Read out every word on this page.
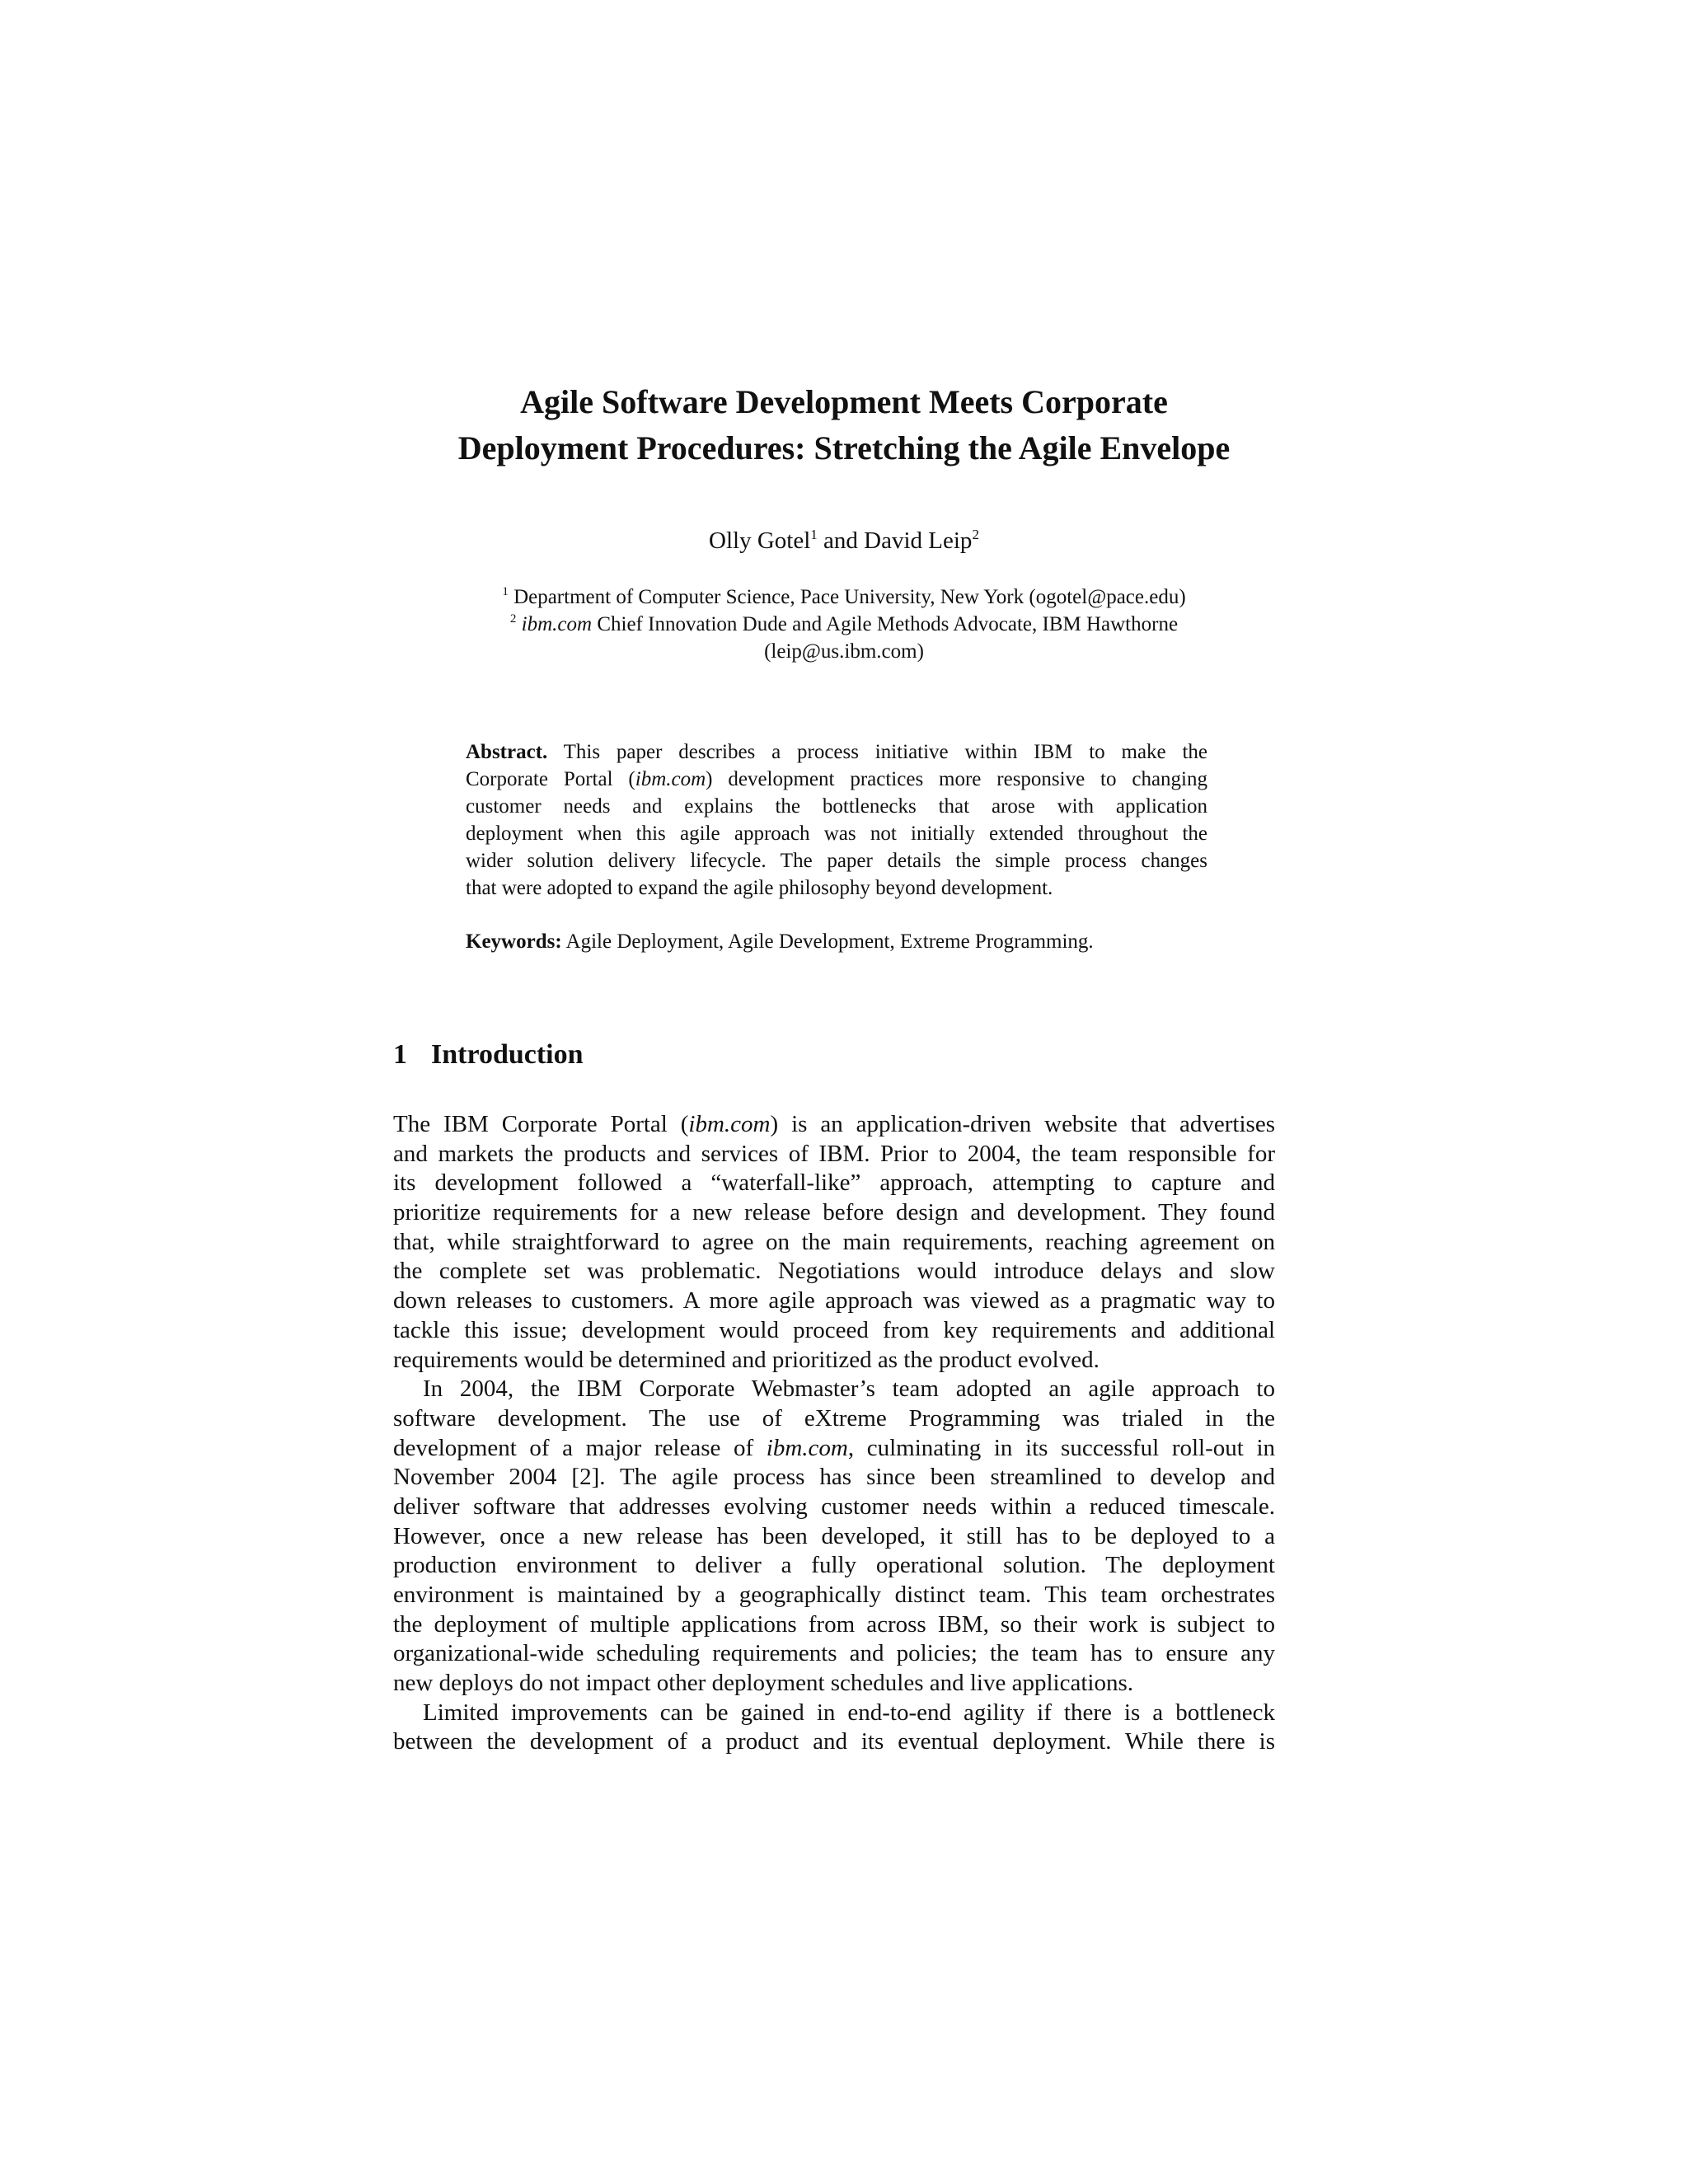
Agile Software Development Meets Corporate
Deployment Procedures: Stretching the Agile Envelope
Olly Gotel$^1$ and David Leip$^2$
$^1$ Department of Computer Science, Pace University, New York (ogotel@pace.edu)
$^2$ ibm.com Chief Innovation Dude and Agile Methods Advocate, IBM Hawthorne
(leip@us.ibm.com)
Abstract. This paper describes a process initiative within IBM to make the
Corporate Portal (ibm.com) development practices more responsive to changing
customer needs and explains the bottlenecks that arose with application
deployment when this agile approach was not initially extended throughout the
wider solution delivery lifecycle. The paper details the simple process changes
that were adopted to expand the agile philosophy beyond development.
Keywords: Agile Deployment, Agile Development, Extreme Programming.
1 Introduction
The IBM Corporate Portal (ibm.com) is an application-driven website that advertises
and markets the products and services of IBM. Prior to 2004, the team responsible for
its development followed a “waterfall-like” approach, attempting to capture and
prioritize requirements for a new release before design and development. They found
that, while straightforward to agree on the main requirements, reaching agreement on
the complete set was problematic. Negotiations would introduce delays and slow
down releases to customers. A more agile approach was viewed as a pragmatic way to
tackle this issue; development would proceed from key requirements and additional
requirements would be determined and prioritized as the product evolved.
In 2004, the IBM Corporate Webmaster’s team adopted an agile approach to
software development. The use of eXtreme Programming was trialed in the
development of a major release of ibm.com, culminating in its successful roll-out in
November 2004 [2]. The agile process has since been streamlined to develop and
deliver software that addresses evolving customer needs within a reduced timescale.
However, once a new release has been developed, it still has to be deployed to a
production environment to deliver a fully operational solution. The deployment
environment is maintained by a geographically distinct team. This team orchestrates
the deployment of multiple applications from across IBM, so their work is subject to
organizational-wide scheduling requirements and policies; the team has to ensure any
new deploys do not impact other deployment schedules and live applications.
Limited improvements can be gained in end-to-end agility if there is a bottleneck
between the development of a product and its eventual deployment. While there is
